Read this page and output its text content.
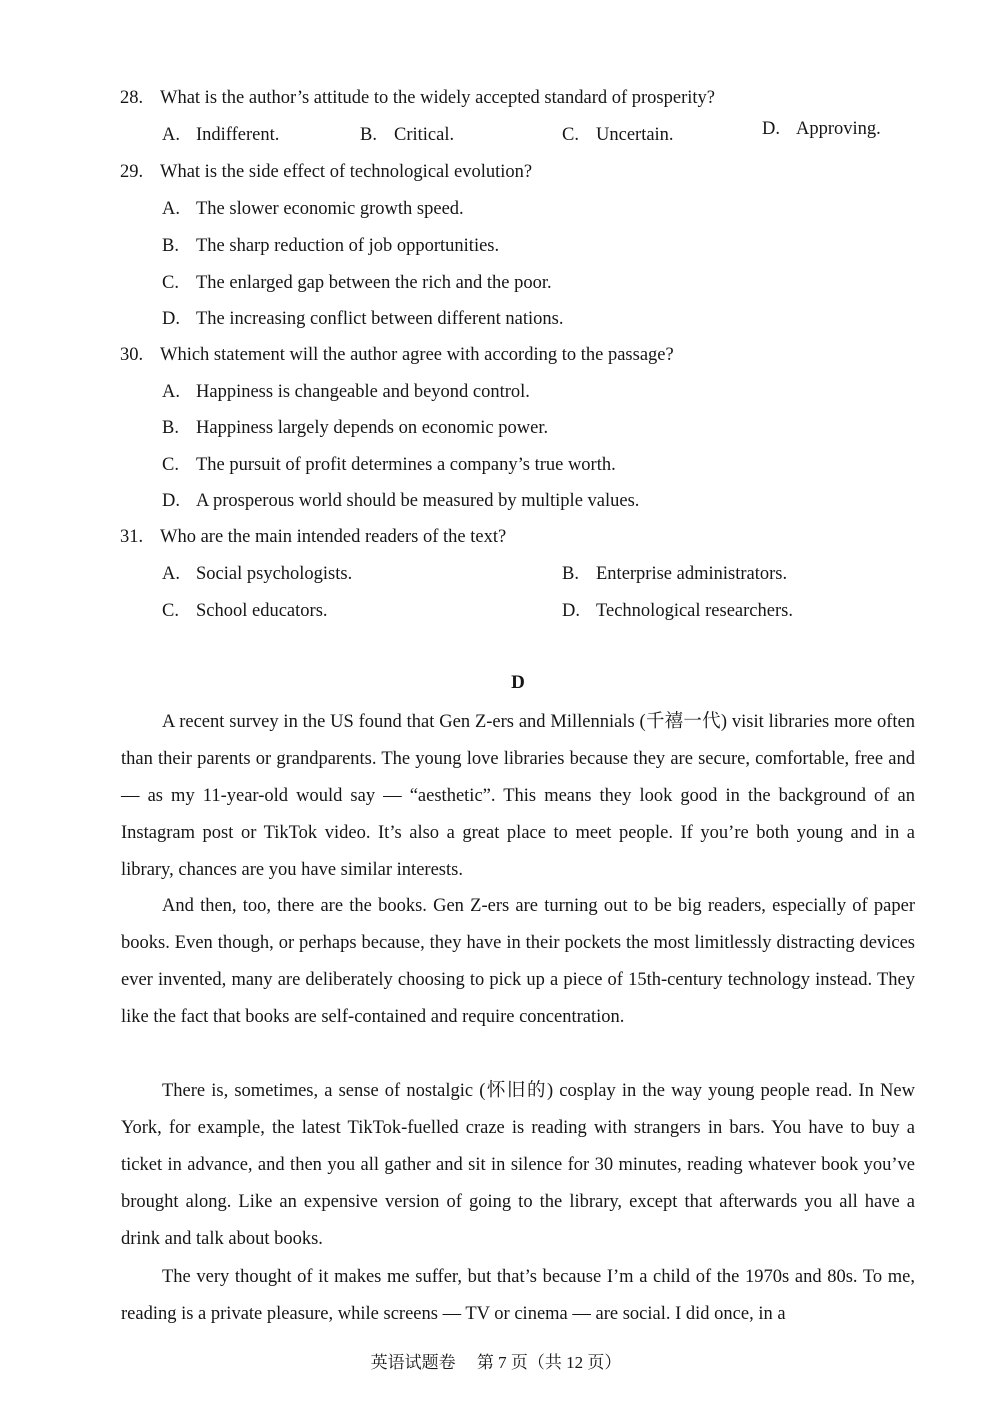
28. What is the author’s attitude to the widely accepted standard of prosperity?
A. Indifferent.	B. Critical.	C. Uncertain.	D. Approving.
29. What is the side effect of technological evolution?
A. The slower economic growth speed.
B. The sharp reduction of job opportunities.
C. The enlarged gap between the rich and the poor.
D. The increasing conflict between different nations.
30. Which statement will the author agree with according to the passage?
A. Happiness is changeable and beyond control.
B. Happiness largely depends on economic power.
C. The pursuit of profit determines a company’s true worth.
D. A prosperous world should be measured by multiple values.
31. Who are the main intended readers of the text?
A. Social psychologists.	B. Enterprise administrators.
C. School educators.	D. Technological researchers.
D

A recent survey in the US found that Gen Z-ers and Millennials (千禧一代) visit libraries more often than their parents or grandparents. The young love libraries because they are secure, comfortable, free and — as my 11-year-old would say — “aesthetic”. This means they look good in the background of an Instagram post or TikTok video. It’s also a great place to meet people. If you’re both young and in a library, chances are you have similar interests.

And then, too, there are the books. Gen Z-ers are turning out to be big readers, especially of paper books. Even though, or perhaps because, they have in their pockets the most limitlessly distracting devices ever invented, many are deliberately choosing to pick up a piece of 15th-century technology instead. They like the fact that books are self-contained and require concentration.

There is, sometimes, a sense of nostalgic (怀旧的) cosplay in the way young people read. In New York, for example, the latest TikTok-fuelled craze is reading with strangers in bars. You have to buy a ticket in advance, and then you all gather and sit in silence for 30 minutes, reading whatever book you’ve brought along. Like an expensive version of going to the library, except that afterwards you all have a drink and talk about books.

The very thought of it makes me suffer, but that’s because I’m a child of the 1970s and 80s. To me, reading is a private pleasure, while screens — TV or cinema — are social. I did once, in a

英语试题卷 　第 7 页（共 12 页）
